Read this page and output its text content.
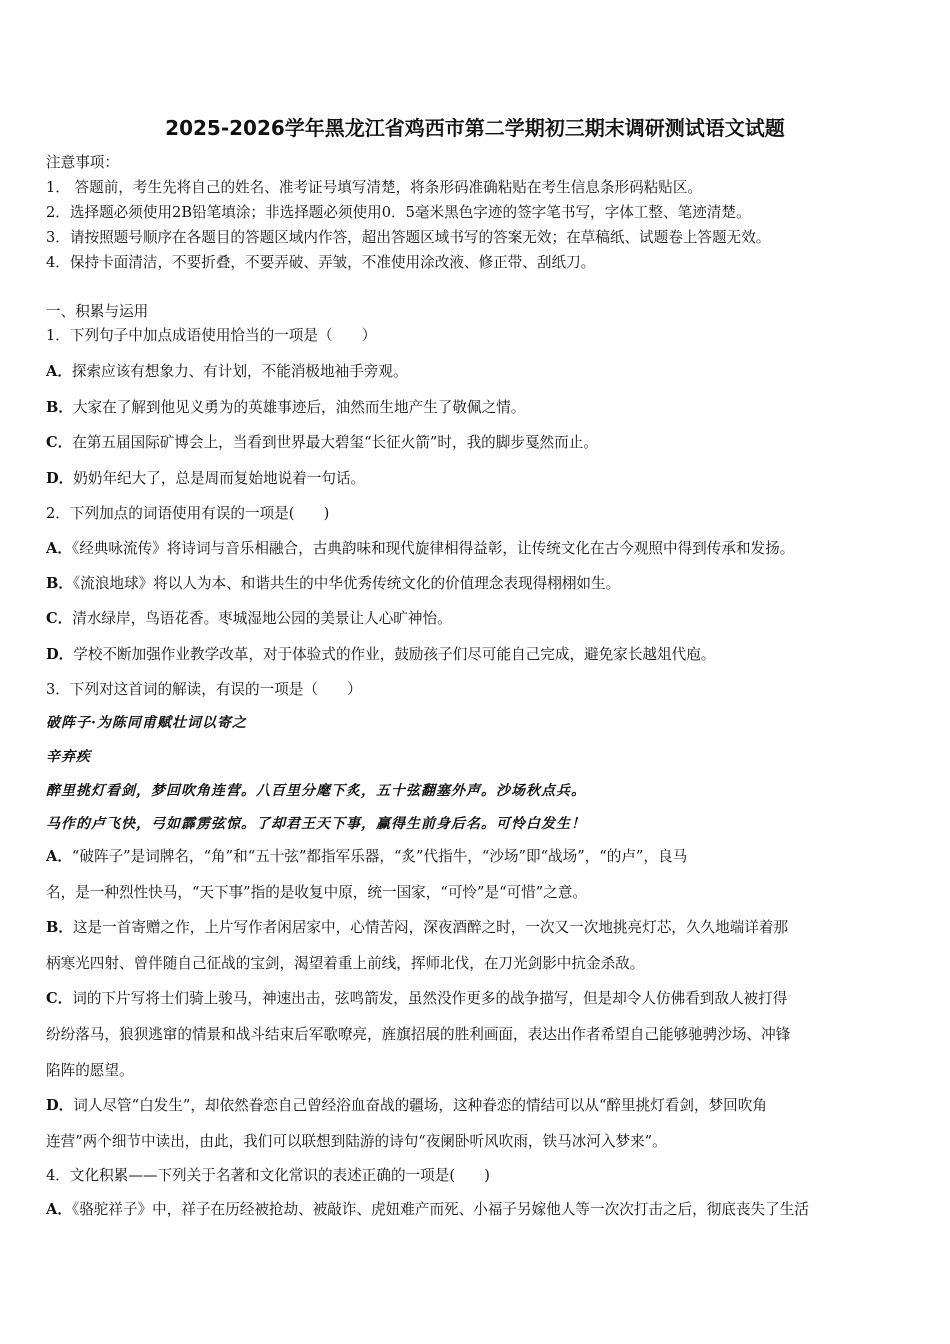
2025-2026学年黑龙江省鸡西市第二学期初三期末调研测试语文试题
注意事项：
1． 答题前，考生先将自己的姓名、准考证号填写清楚，将条形码准确粘贴在考生信息条形码粘贴区。
2．选择题必须使用2B铅笔填涂；非选择题必须使用0．5毫米黑色字迹的签字笔书写，字体工整、笔迹清楚。
3．请按照题号顺序在各题目的答题区域内作答，超出答题区域书写的答案无效；在草稿纸、试题卷上答题无效。
4．保持卡面清洁，不要折叠，不要弄破、弄皱，不准使用涂改液、修正带、刮纸刀。
一、积累与运用
1．下列句子中加点成语使用恰当的一项是（　　）
A．探索应该有想象力、有计划，不能消极地袖手旁观。
B．大家在了解到他见义勇为的英雄事迹后，油然而生地产生了敬佩之情。
C．在第五届国际矿博会上，当看到世界最大碧玺“长征火箭”时，我的脚步戛然而止。
D．奶奶年纪大了，总是周而复始地说着一句话。
2．下列加点的词语使用有误的一项是(　　)
A．《经典咏流传》将诗词与音乐相融合，古典韵味和现代旋律相得益彰，让传统文化在古今观照中得到传承和发扬。
B．《流浪地球》将以人为本、和谐共生的中华优秀传统文化的价值理念表现得栩栩如生。
C．清水绿岸，鸟语花香。枣城湿地公园的美景让人心旷神怡。
D．学校不断加强作业教学改革，对于体验式的作业，鼓励孩子们尽可能自己完成，避免家长越俎代庖。
3．下列对这首词的解读，有误的一项是（　　）
破阵子·为陈同甫赋壮词以寄之
辛弃疾
醉里挑灯看剑，梦回吹角连营。八百里分麾下炙，五十弦翻塞外声。沙场秋点兵。
马作的卢飞快，弓如霹雳弦惊。了却君王天下事，赢得生前身后名。可怜白发生！
A．“破阵子”是词牌名，“角”和“五十弦”都指军乐器，“炙”代指牛，“沙场”即“战场”，“的卢”，良马
名，是一种烈性快马，“天下事”指的是收复中原，统一国家，“可怜”是“可惜”之意。
B．这是一首寄赠之作，上片写作者闲居家中，心情苦闷，深夜酒醉之时，一次又一次地挑亮灯芯，久久地端详着那
柄寒光四射、曾伴随自己征战的宝剑，渴望着重上前线，挥师北伐，在刀光剑影中抗金杀敌。
C．词的下片写将士们骑上骏马，神速出击，弦鸣箭发，虽然没作更多的战争描写，但是却令人仿佛看到敌人被打得
纷纷落马，狼狈逃窜的情景和战斗结束后军歌嘹亮，旌旗招展的胜利画面，表达出作者希望自己能够驰骋沙场、冲锋
陷阵的愿望。
D．词人尽管“白发生”，却依然眷恋自己曾经浴血奋战的疆场，这种眷恋的情结可以从“醉里挑灯看剑，梦回吹角
连营”两个细节中读出，由此，我们可以联想到陆游的诗句“夜阑卧听风吹雨，铁马冰河入梦来”。
4．文化积累——下列关于名著和文化常识的表述正确的一项是(　　)
A．《骆驼祥子》中，祥子在历经被抢劫、被敲诈、虎妞难产而死、小福子另嫁他人等一次次打击之后，彻底丧失了生活
